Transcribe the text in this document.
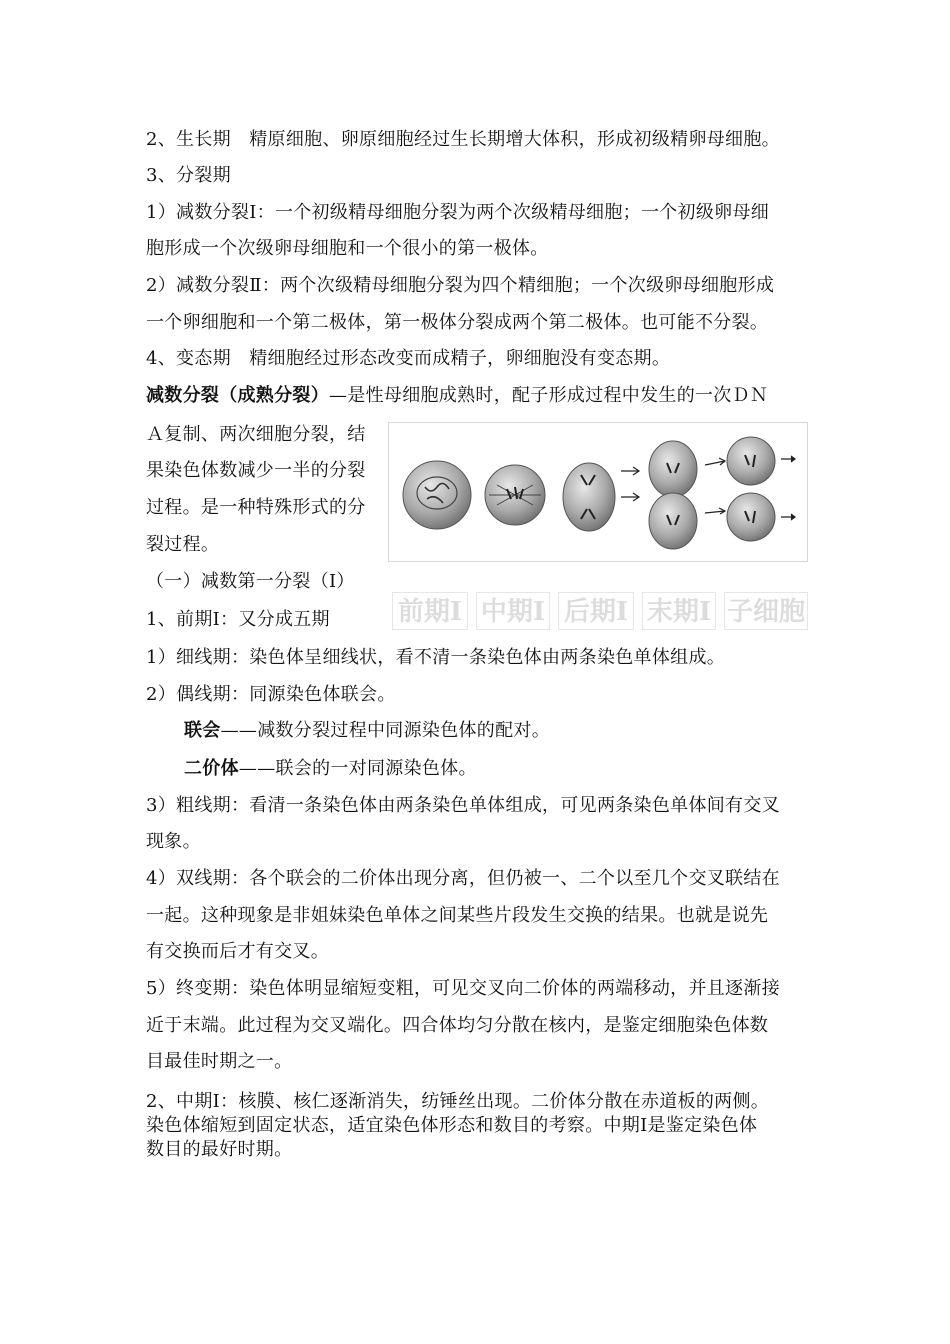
2、生长期　精原细胞、卵原细胞经过生长期增大体积，形成初级精卵母细胞。
3、分裂期
1）减数分裂Ⅰ：一个初级精母细胞分裂为两个次级精母细胞；一个初级卵母细
胞形成一个次级卵母细胞和一个很小的第一极体。
2）减数分裂Ⅱ：两个次级精母细胞分裂为四个精细胞；一个次级卵母细胞形成
一个卵细胞和一个第二极体，第一极体分裂成两个第二极体。也可能不分裂。
4、变态期　精细胞经过形态改变而成精子，卵细胞没有变态期。
减数分裂（成熟分裂）—是性母细胞成熟时，配子形成过程中发生的一次ＤＮ
Ａ复制、两次细胞分裂，结
果染色体数减少一半的分裂
过程。是一种特殊形式的分
裂过程。
（一）减数第一分裂（Ⅰ）
前期Ⅰ 中期Ⅰ 后期Ⅰ 末期Ⅰ 子细胞
1、前期Ⅰ：又分成五期
1）细线期：染色体呈细线状，看不清一条染色体由两条染色单体组成。
2）偶线期：同源染色体联会。
联会——减数分裂过程中同源染色体的配对。
二价体——联会的一对同源染色体。
3）粗线期：看清一条染色体由两条染色单体组成，可见两条染色单体间有交叉
现象。
4）双线期：各个联会的二价体出现分离，但仍被一、二个以至几个交叉联结在
一起。这种现象是非姐妹染色单体之间某些片段发生交换的结果。也就是说先
有交换而后才有交叉。
5）终变期：染色体明显缩短变粗，可见交叉向二价体的两端移动，并且逐渐接
近于末端。此过程为交叉端化。四合体均匀分散在核内，是鉴定细胞染色体数
目最佳时期之一。
2、中期Ⅰ：核膜、核仁逐渐消失，纺锤丝出现。二价体分散在赤道板的两侧。
染色体缩短到固定状态，适宜染色体形态和数目的考察。中期Ⅰ是鉴定染色体
数目的最好时期。
